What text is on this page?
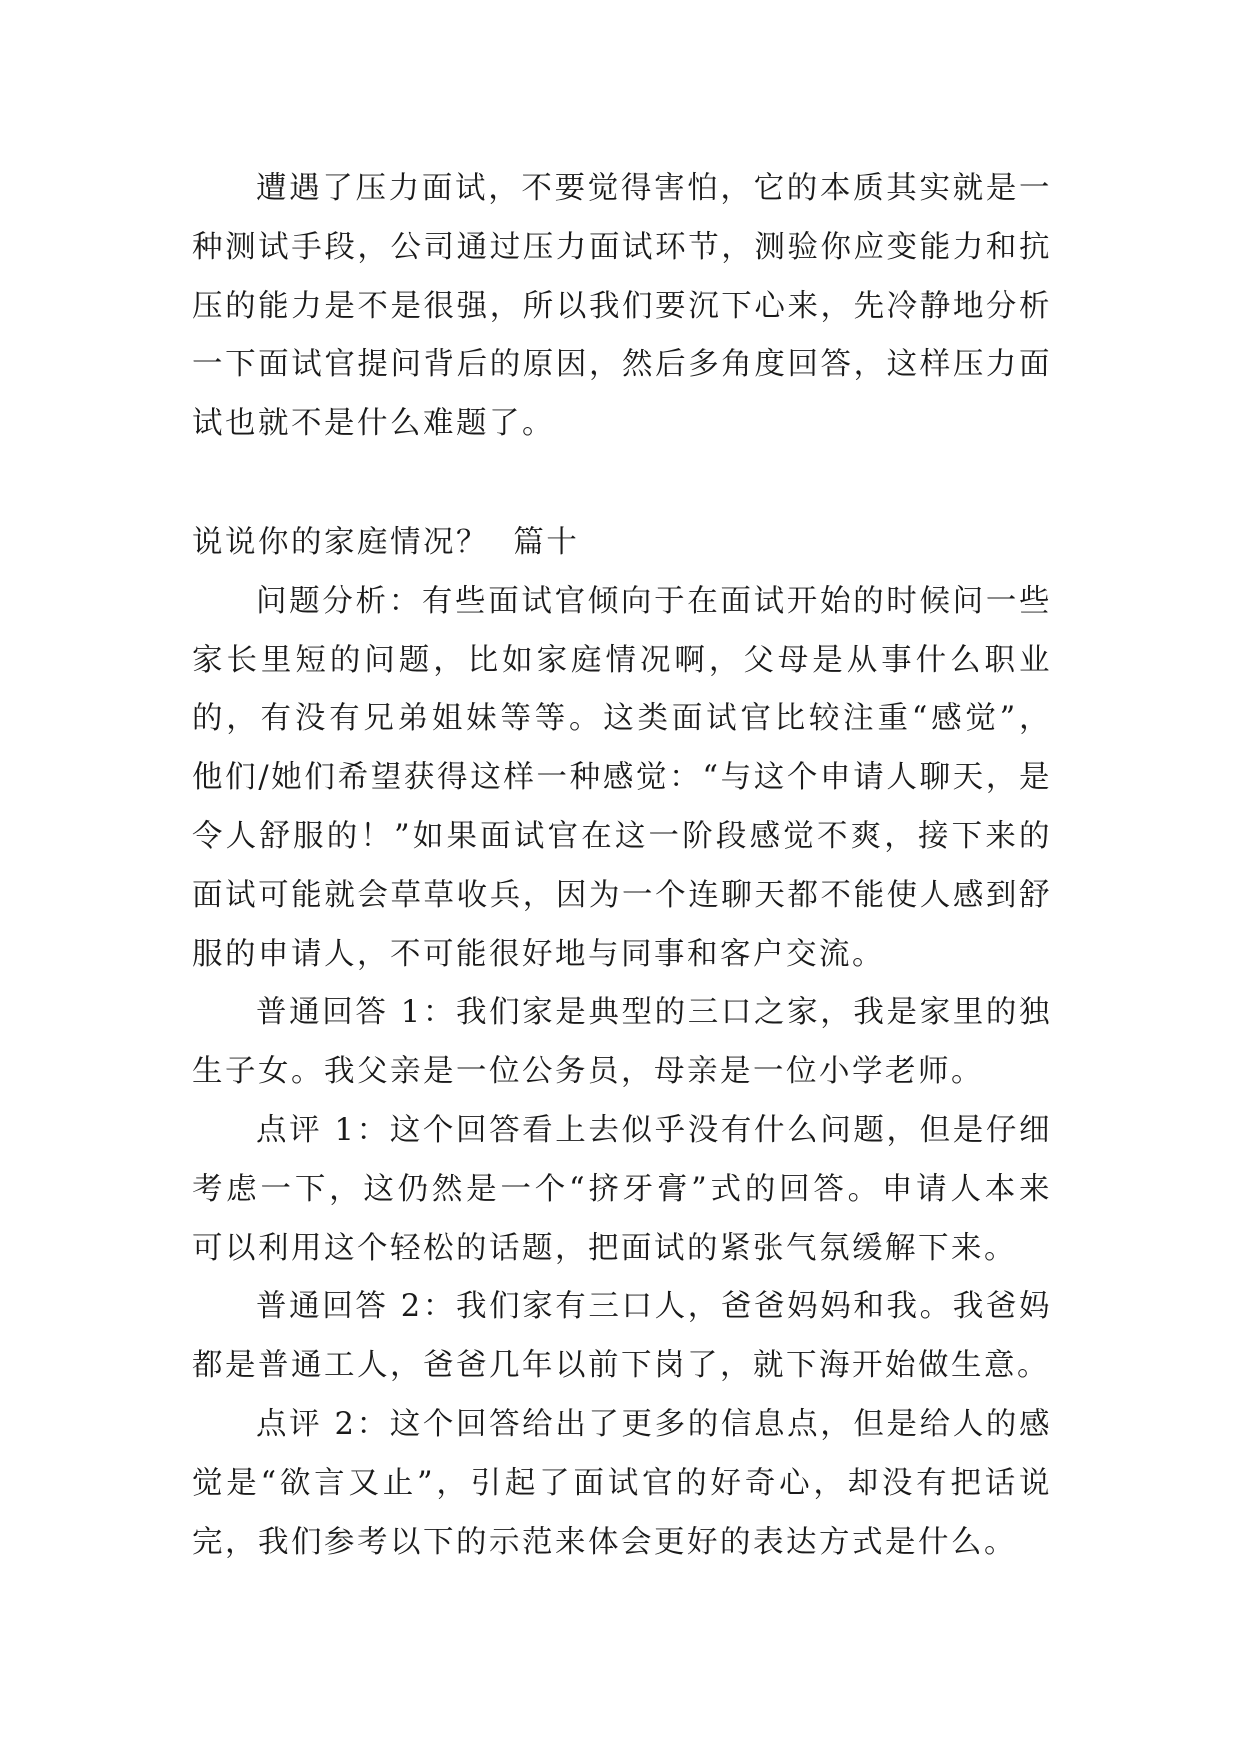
遭遇了压力面试，不要觉得害怕，它的本质其实就是一种测试手段，公司通过压力面试环节，测验你应变能力和抗压的能力是不是很强，所以我们要沉下心来，先冷静地分析一下面试官提问背后的原因，然后多角度回答，这样压力面试也就不是什么难题了。

说说你的家庭情况？  篇十

问题分析：有些面试官倾向于在面试开始的时候问一些家长里短的问题，比如家庭情况啊，父母是从事什么职业的，有没有兄弟姐妹等等。这类面试官比较注重“感觉”，他们/她们希望获得这样一种感觉：“与这个申请人聊天，是令人舒服的！”如果面试官在这一阶段感觉不爽，接下来的面试可能就会草草收兵，因为一个连聊天都不能使人感到舒服的申请人，不可能很好地与同事和客户交流。

普通回答 1：我们家是典型的三口之家，我是家里的独生子女。我父亲是一位公务员，母亲是一位小学老师。

点评 1：这个回答看上去似乎没有什么问题，但是仔细考虑一下，这仍然是一个“挤牙膏”式的回答。申请人本来可以利用这个轻松的话题，把面试的紧张气氛缓解下来。

普通回答 2：我们家有三口人，爸爸妈妈和我。我爸妈都是普通工人，爸爸几年以前下岗了，就下海开始做生意。

点评 2：这个回答给出了更多的信息点，但是给人的感觉是“欲言又止”，引起了面试官的好奇心，却没有把话说完，我们参考以下的示范来体会更好的表达方式是什么。
